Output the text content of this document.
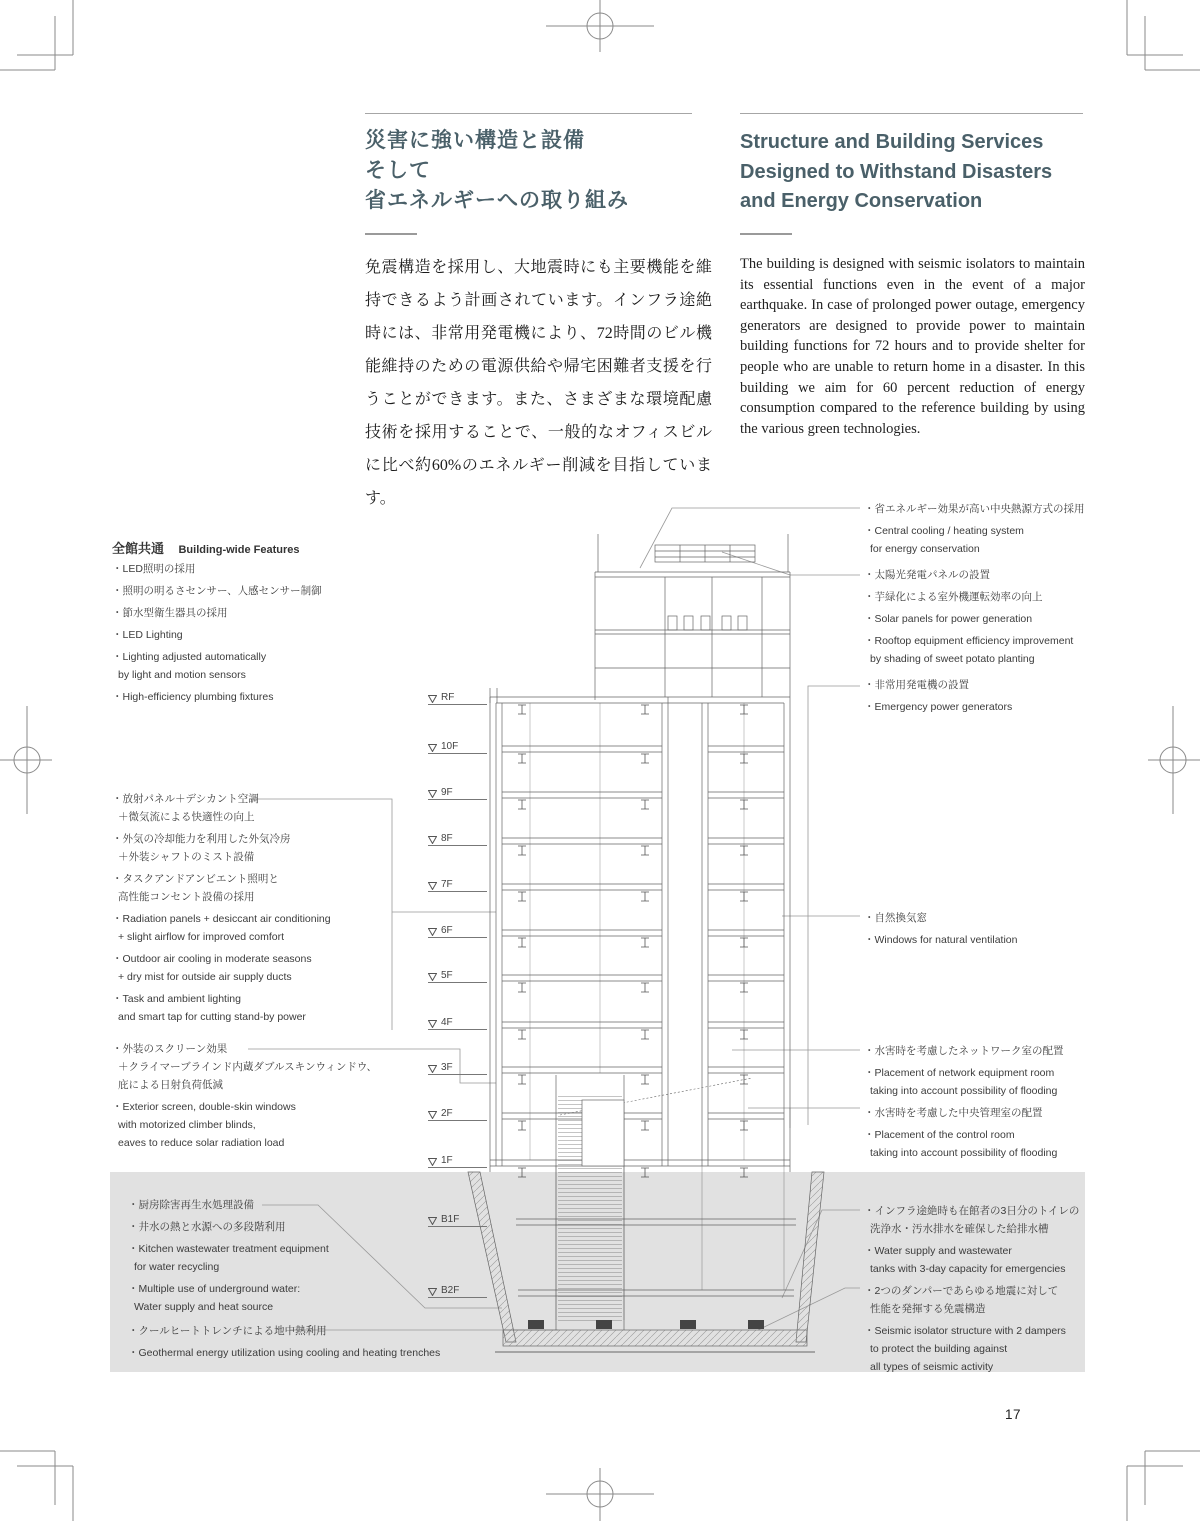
災害に強い構造と設備
そして
省エネルギーへの取り組み
Structure and Building Services
Designed to Withstand Disasters
and Energy Conservation
免震構造を採用し、大地震時にも主要機能を維持できるよう計画されています。インフラ途絶時には、非常用発電機により、72時間のビル機能維持のための電源供給や帰宅困難者支援を行うことができます。また、さまざまな環境配慮技術を採用することで、一般的なオフィスビルに比べ約60%のエネルギー削減を目指しています。
The building is designed with seismic isolators to maintain its essential functions even in the event of a major earthquake. In case of prolonged power outage, emergency generators are designed to provide power to maintain building functions for 72 hours and to provide shelter for people who are unable to return home in a disaster. In this building we aim for 60 percent reduction of energy consumption compared to the reference building by using the various green technologies.
全館共通 Building-wide Features
・LED照明の採用
・照明の明るさセンサー、人感センサー制御
・節水型衛生器具の採用
・LED Lighting
・Lighting adjusted automatically
by light and motion sensors
・High-efficiency plumbing fixtures
・放射パネル＋デシカント空調
＋微気流による快適性の向上
・外気の冷却能力を利用した外気冷房
＋外装シャフトのミスト設備
・タスクアンドアンビエント照明と
高性能コンセント設備の採用
・Radiation panels + desiccant air conditioning
+ slight airflow for improved comfort
・Outdoor air cooling in moderate seasons
+ dry mist for outside air supply ducts
・Task and ambient lighting
and smart tap for cutting stand-by power
・外装のスクリーン効果
＋クライマーブラインド内蔵ダブルスキンウィンドウ、
庇による日射負荷低減
・Exterior screen, double-skin windows
with motorized climber blinds,
eaves to reduce solar radiation load
・厨房除害再生水処理設備
・井水の熱と水源への多段階利用
・Kitchen wastewater treatment equipment
for water recycling
・Multiple use of underground water:
Water supply and heat source
・クールヒートトレンチによる地中熱利用
・Geothermal energy utilization using cooling and heating trenches
・省エネルギー効果が高い中央熱源方式の採用
・Central cooling / heating system
for energy conservation
・太陽光発電パネルの設置
・芋緑化による室外機運転効率の向上
・Solar panels for power generation
・Rooftop equipment efficiency improvement
by shading of sweet potato planting
・非常用発電機の設置
・Emergency power generators
・自然換気窓
・Windows for natural ventilation
・水害時を考慮したネットワーク室の配置
・Placement of network equipment room
taking into account possibility of flooding
・水害時を考慮した中央管理室の配置
・Placement of the control room
taking into account possibility of flooding
・インフラ途絶時も在館者の3日分のトイレの
洗浄水・汚水排水を確保した給排水槽
・Water supply and wastewater
tanks with 3-day capacity for emergencies
・2つのダンパーであらゆる地震に対して
性能を発揮する免震構造
・Seismic isolator structure with 2 dampers
to protect the building against
all types of seismic activity
RF
10F
9F
8F
7F
6F
5F
4F
3F
2F
1F
B1F
B2F
17
